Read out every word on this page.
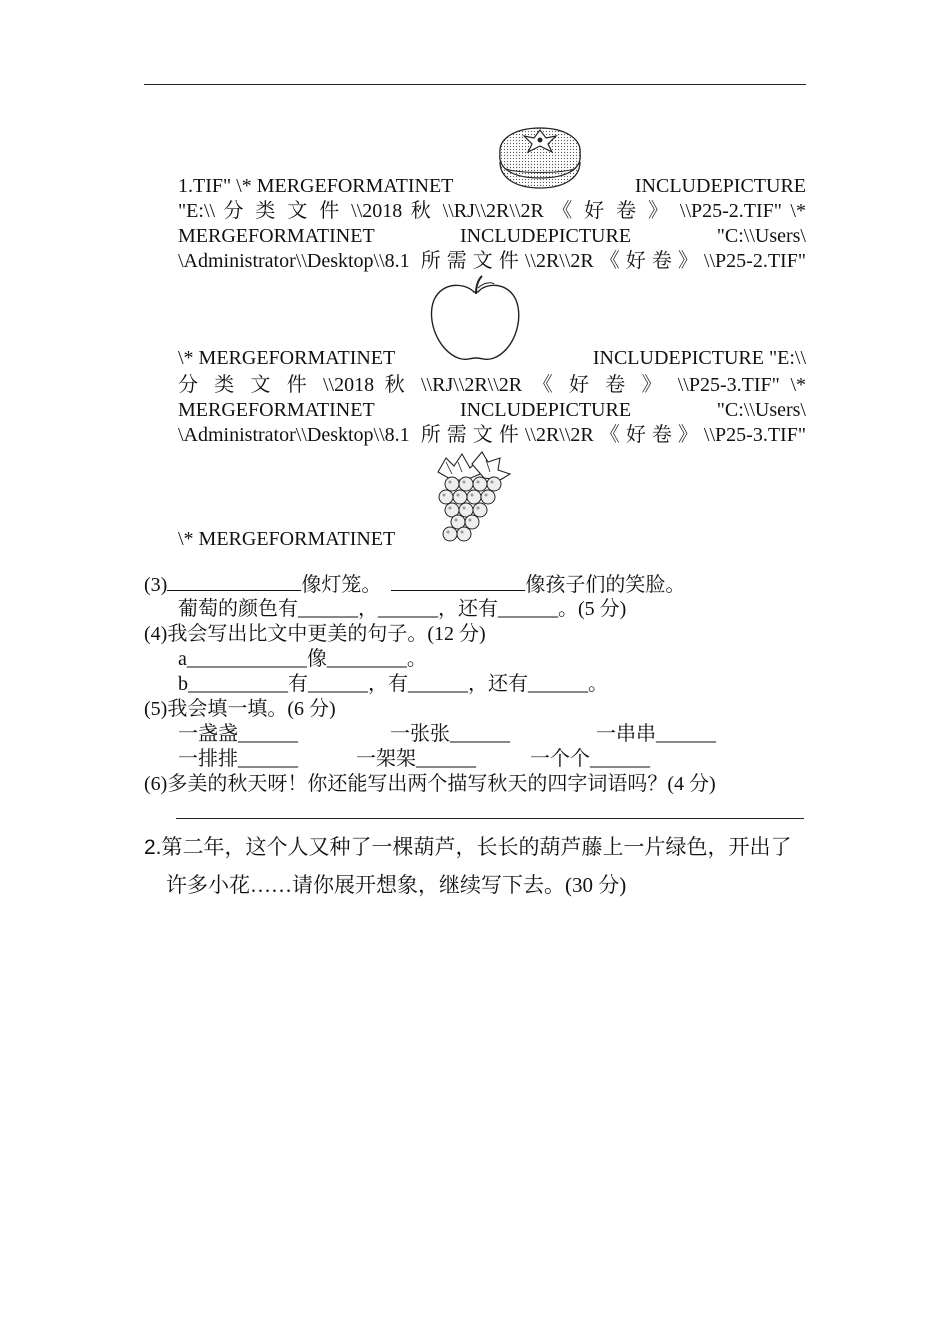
1.TIF" \* MERGEFORMATINET	INCLUDEPICTURE
"E:\\ 分 类 文 件 \\2018 秋 \\RJ\\2R\\2R 《 好 卷 》 \\P25-2.TIF" \*
MERGEFORMATINET INCLUDEPICTURE "C:\\Users\
\Administrator\\Desktop\\8.1 所需文件\\2R\\2R《好卷》\\P25-2.TIF"
\* MERGEFORMATINET	INCLUDEPICTURE "E:\\
分 类 文 件 \\2018 秋 \\RJ\\2R\\2R 《 好 卷 》 \\P25-3.TIF" \*
MERGEFORMATINET INCLUDEPICTURE "C:\\Users\
\Administrator\\Desktop\\8.1 所需文件\\2R\\2R《好卷》\\P25-3.TIF"
\* MERGEFORMATINET
(3)	像灯笼。	像孩子们的笑脸。
葡萄的颜色有______，______，还有______。(5 分)
(4)我会写出比文中更美的句子。(12 分)
a____________像________。
b__________有______，有______，还有______。
(5)我会填一填。(6 分)
一盏盏______	一张张______	一串串______
一排排______	一架架______	一个个______
(6)多美的秋天呀！你还能写出两个描写秋天的四字词语吗？(4 分)
2.第二年，这个人又种了一棵葫芦，长长的葫芦藤上一片绿色，开出了
许多小花……请你展开想象，继续写下去。(30 分)
